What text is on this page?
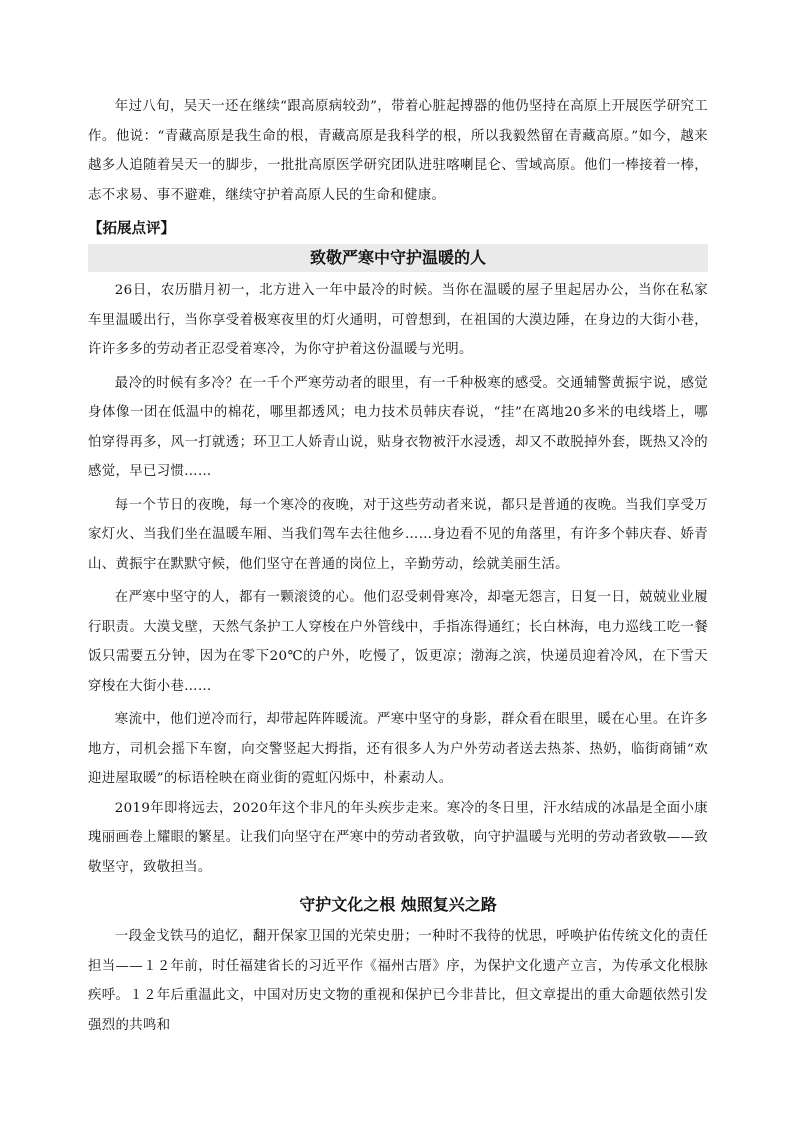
年过八旬，吴天一还在继续“跟高原病较劲”，带着心脏起搏器的他仍坚持在高原上开展医学研究工作。他说：“青藏高原是我生命的根，青藏高原是我科学的根，所以我毅然留在青藏高原。”如今，越来越多人追随着吴天一的脚步，一批批高原医学研究团队进驻喀喇昆仑、雪域高原。他们一棒接着一棒，志不求易、事不避难，继续守护着高原人民的生命和健康。

【拓展点评】
致敬严寒中守护温暖的人

26日，农历腊月初一，北方进入一年中最冷的时候。当你在温暖的屋子里起居办公，当你在私家车里温暖出行，当你享受着极寒夜里的灯火通明，可曾想到，在祖国的大漠边陲，在身边的大街小巷，许许多多的劳动者正忍受着寒冷，为你守护着这份温暖与光明。

最冷的时候有多冷？在一千个严寒劳动者的眼里，有一千种极寒的感受。交通辅警黄振宇说，感觉身体像一团在低温中的棉花，哪里都透风；电力技术员韩庆春说，“挂”在离地20多米的电线塔上，哪怕穿得再多，风一打就透；环卫工人娇青山说，贴身衣物被汗水浸透，却又不敢脱掉外套，既热又冷的感觉，早已习惯……

每一个节日的夜晚，每一个寒冷的夜晚，对于这些劳动者来说，都只是普通的夜晚。当我们享受万家灯火、当我们坐在温暖车厢、当我们驾车去往他乡……身边看不见的角落里，有许多个韩庆春、娇青山、黄振宇在默默守候，他们坚守在普通的岗位上，辛勤劳动，绘就美丽生活。

在严寒中坚守的人，都有一颗滚烫的心。他们忍受刺骨寒冷，却毫无怨言，日复一日，兢兢业业履行职责。大漠戈壁，天然气条护工人穿梭在户外管线中，手指冻得通红；长白林海，电力巡线工吃一餐饭只需要五分钟，因为在零下20℃的户外，吃慢了，饭更凉；渤海之滨，快递员迎着冷风，在下雪天穿梭在大街小巷……

寒流中，他们逆冷而行，却带起阵阵暖流。严寒中坚守的身影，群众看在眼里，暖在心里。在许多地方，司机会摇下车窗，向交警竖起大拇指，还有很多人为户外劳动者送去热茶、热奶，临街商铺“欢迎进屋取暖”的标语栓映在商业街的霓虹闪烁中，朴素动人。

2019年即将远去，2020年这个非凡的年头疾步走来。寒冷的冬日里，汗水结成的冰晶是全面小康瑰丽画卷上耀眼的繁星。让我们向坚守在严寒中的劳动者致敬，向守护温暖与光明的劳动者致敬——致敬坚守，致敬担当。

守护文化之根 烛照复兴之路

一段金戈铁马的追忆，翻开保家卫国的光荣史册；一种时不我待的忧思，呼唤护佑传统文化的责任担当——１２年前，时任福建省长的习近平作《福州古厝》序，为保护文化遗产立言，为传承文化根脉疾呼。１２年后重温此文，中国对历史文物的重视和保护已今非昔比，但文章提出的重大命题依然引发强烈的共鸣和
